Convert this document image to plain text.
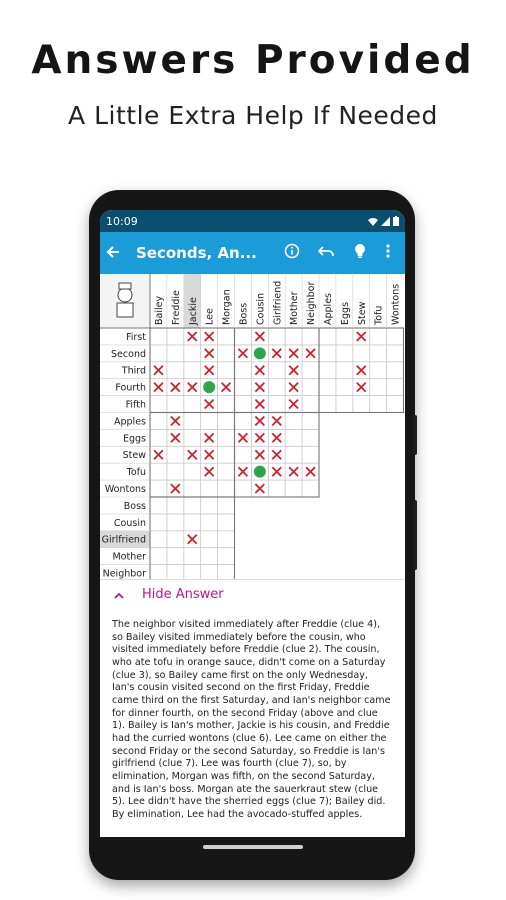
Answers Provided
A Little Extra Help If Needed
10:09
Seconds, An...
Bailey Freddie Jackie Lee Morgan Boss Cousin Girlfriend Mother Neighbor Apples Eggs Stew Tofu Wontons
First
Second
Third
Fourth
Fifth
Apples
Eggs
Stew
Tofu
Wontons
Boss
Cousin
Girlfriend
Mother
Neighbor
Hide Answer
The neighbor visited immediately after Freddie (clue 4), so Bailey visited immediately before the cousin, who visited immediately before Freddie (clue 2). The cousin, who ate tofu in orange sauce, didn't come on a Saturday (clue 3), so Bailey came first on the only Wednesday, Ian's cousin visited second on the first Friday, Freddie came third on the first Saturday, and Ian's neighbor came for dinner fourth, on the second Friday (above and clue 1). Bailey is Ian's mother, Jackie is his cousin, and Freddie had the curried wontons (clue 6). Lee came on either the second Friday or the second Saturday, so Freddie is Ian's girlfriend (clue 7). Lee was fourth (clue 7), so, by elimination, Morgan was fifth, on the second Saturday, and is Ian's boss. Morgan ate the sauerkraut stew (clue 5). Lee didn't have the sherried eggs (clue 7); Bailey did. By elimination, Lee had the avocado-stuffed apples.
